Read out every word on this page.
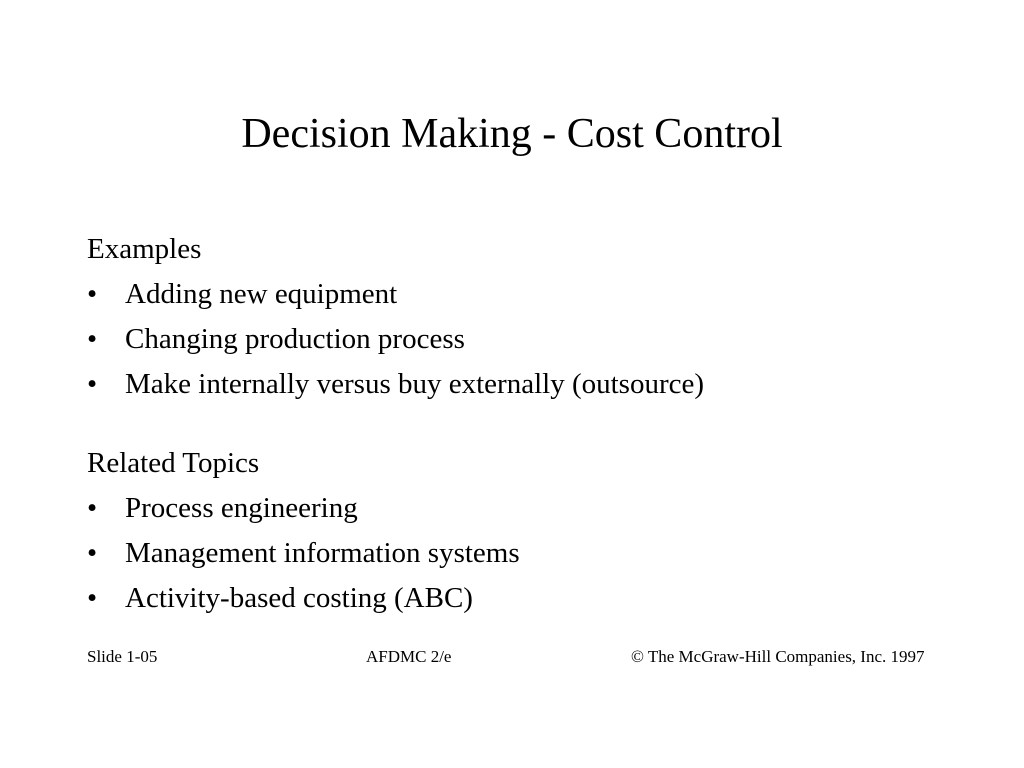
Decision Making - Cost Control
Examples
• Adding new equipment
• Changing production process
• Make internally versus buy externally (outsource)
Related Topics
• Process engineering
• Management information systems
• Activity-based costing (ABC)
Slide 1-05	AFDMC 2/e	© The McGraw-Hill Companies, Inc. 1997
